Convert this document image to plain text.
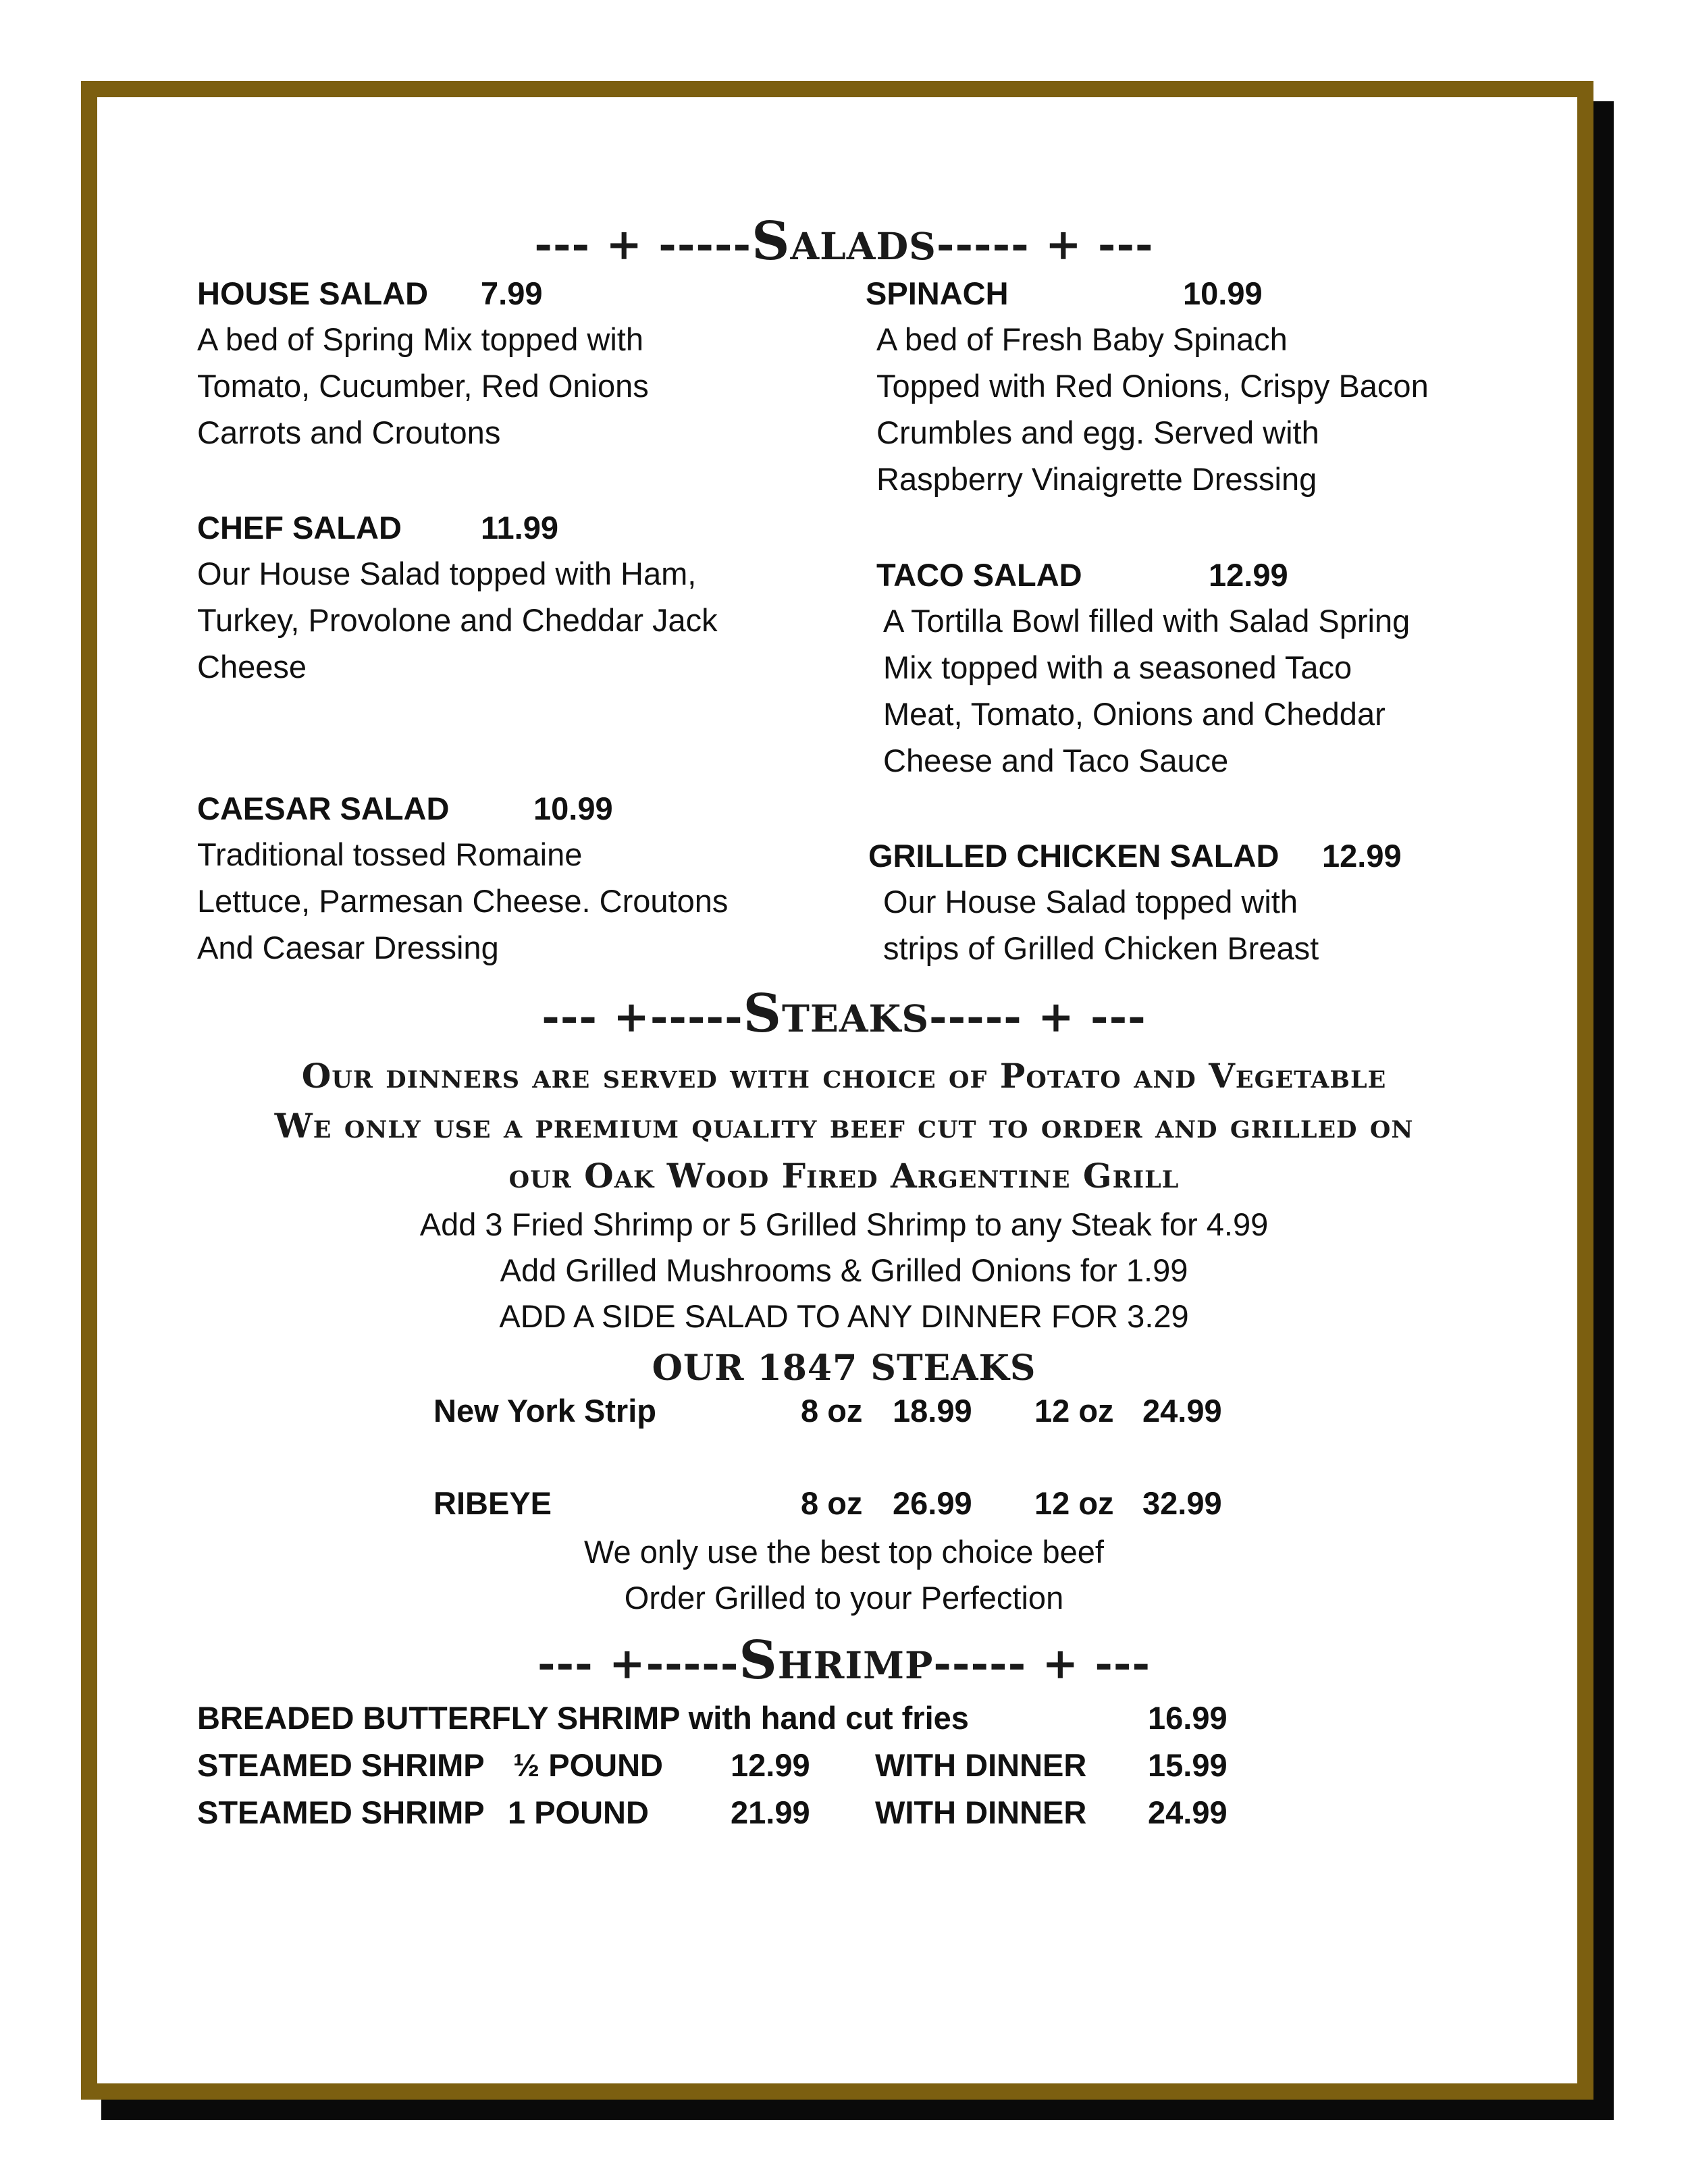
--- + -----Salads----- + ---
HOUSE SALAD 7.99
A bed of Spring Mix topped with
Tomato, Cucumber, Red Onions
Carrots and Croutons
SPINACH	10.99
A bed of Fresh Baby Spinach
Topped with Red Onions, Crispy Bacon
Crumbles and egg. Served with
Raspberry Vinaigrette Dressing
CHEF SALAD 11.99
Our House Salad topped with Ham,
Turkey, Provolone and Cheddar Jack
Cheese
TACO SALAD	12.99
A Tortilla Bowl filled with Salad Spring
Mix topped with a seasoned Taco
Meat, Tomato, Onions and Cheddar
Cheese and Taco Sauce
CAESAR SALAD	10.99
Traditional tossed Romaine
Lettuce, Parmesan Cheese. Croutons
And Caesar Dressing
GRILLED CHICKEN SALAD 12.99
Our House Salad topped with
strips of Grilled Chicken Breast
--- +-----Steaks----- + ---
Our dinners are served with choice of Potato and Vegetable
We only use a premium quality beef cut to order and grilled on
our Oak Wood Fired Argentine Grill
Add 3 Fried Shrimp or 5 Grilled Shrimp to any Steak for 4.99
Add Grilled Mushrooms & Grilled Onions for 1.99
ADD A SIDE SALAD TO ANY DINNER FOR 3.29
OUR 1847 STEAKS
New York Strip	8 oz 18.99 12 oz 24.99
RIBEYE	8 oz 26.99 12 oz 32.99
We only use the best top choice beef
Order Grilled to your Perfection
--- +-----Shrimp----- + ---
BREADED BUTTERFLY SHRIMP with hand cut fries	16.99
STEAMED SHRIMP ½ POUND 12.99 WITH DINNER 15.99
STEAMED SHRIMP 1 POUND	21.99 WITH DINNER 24.99
